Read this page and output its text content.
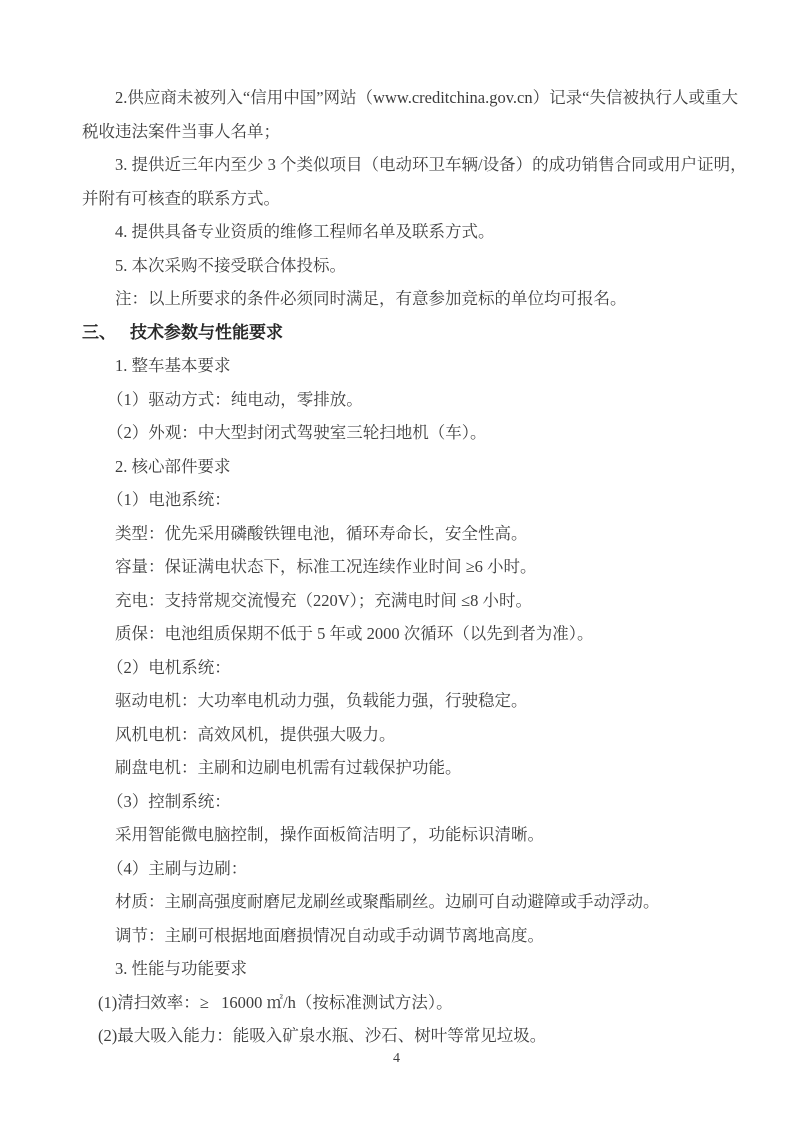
2.供应商未被列入“信用中国”网站（www.creditchina.gov.cn）记录“失信被执行人或重大
税收违法案件当事人名单；
3. 提供近三年内至少 3 个类似项目（电动环卫车辆/设备）的成功销售合同或用户证明，
并附有可核查的联系方式。
4. 提供具备专业资质的维修工程师名单及联系方式。
5. 本次采购不接受联合体投标。
注：以上所要求的条件必须同时满足，有意参加竞标的单位均可报名。
三、 技术参数与性能要求
1. 整车基本要求
（1）驱动方式：纯电动，零排放。
（2）外观：中大型封闭式驾驶室三轮扫地机（车）。
2. 核心部件要求
（1）电池系统：
类型：优先采用磷酸铁锂电池，循环寿命长，安全性高。
容量：保证满电状态下，标准工况连续作业时间 ≥6 小时。
充电：支持常规交流慢充（220V）；充满电时间 ≤8 小时。
质保：电池组质保期不低于 5 年或 2000 次循环（以先到者为准）。
（2）电机系统：
驱动电机：大功率电机动力强，负载能力强，行驶稳定。
风机电机：高效风机，提供强大吸力。
刷盘电机：主刷和边刷电机需有过载保护功能。
（3）控制系统：
采用智能微电脑控制，操作面板简洁明了，功能标识清晰。
（4）主刷与边刷：
材质：主刷高强度耐磨尼龙刷丝或聚酯刷丝。边刷可自动避障或手动浮动。
调节：主刷可根据地面磨损情况自动或手动调节离地高度。
3. 性能与功能要求
(1)清扫效率：≥   16000 ㎡/h（按标准测试方法）。
(2)最大吸入能力：能吸入矿泉水瓶、沙石、树叶等常见垃圾。
4
